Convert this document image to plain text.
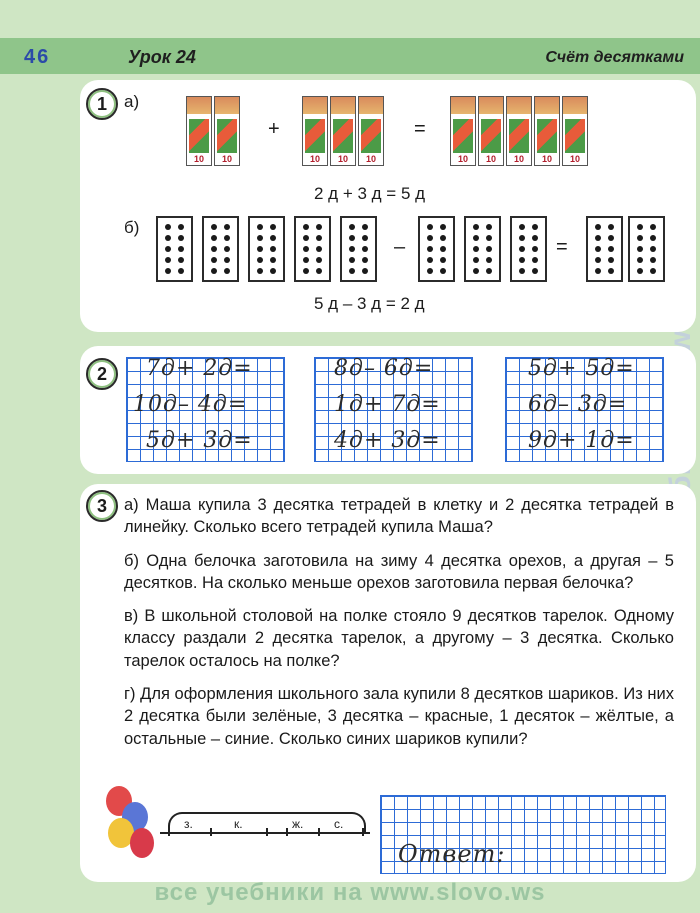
46	Урок 24	Счёт десятками
учебники
1	а)
10	10
+
10	10	10
=
10	10	10	10	10
2 д + 3 д = 5 д
б)
–	=
5 д – 3 д = 2 д
2	7д+ 2д=
10д– 4д=
5д+ 3д=
8д– 6д=
1д+ 7д=
4д+ 3д=
5д+ 5д=
6д– 3д=
9д+ 1д=
3	а) Маша купила 3 десятка тетрадей в клетку и 2 десятка тетрадей в линейку. Сколько всего тетрадей купила Маша?

б) Одна белочка заготовила на зиму 4 десятка орехов, а другая – 5 десятков. На сколько меньше орехов заготовила первая белочка?

в) В школьной столовой на полке стояло 9 десятков тарелок. Одному классу раздали 2 десятка тарелок, а другому – 3 десятка. Сколько тарелок осталось на полке?

г) Для оформления школьного зала купили 8 десятков шариков. Из них 2 десятка были зелёные, 3 десятка – красные, 1 десяток – жёлтые, а остальные – синие. Сколько синих шариков купили?

з.	к.	ж.	с.
Ответ:
все учебники на www.slovo.ws
